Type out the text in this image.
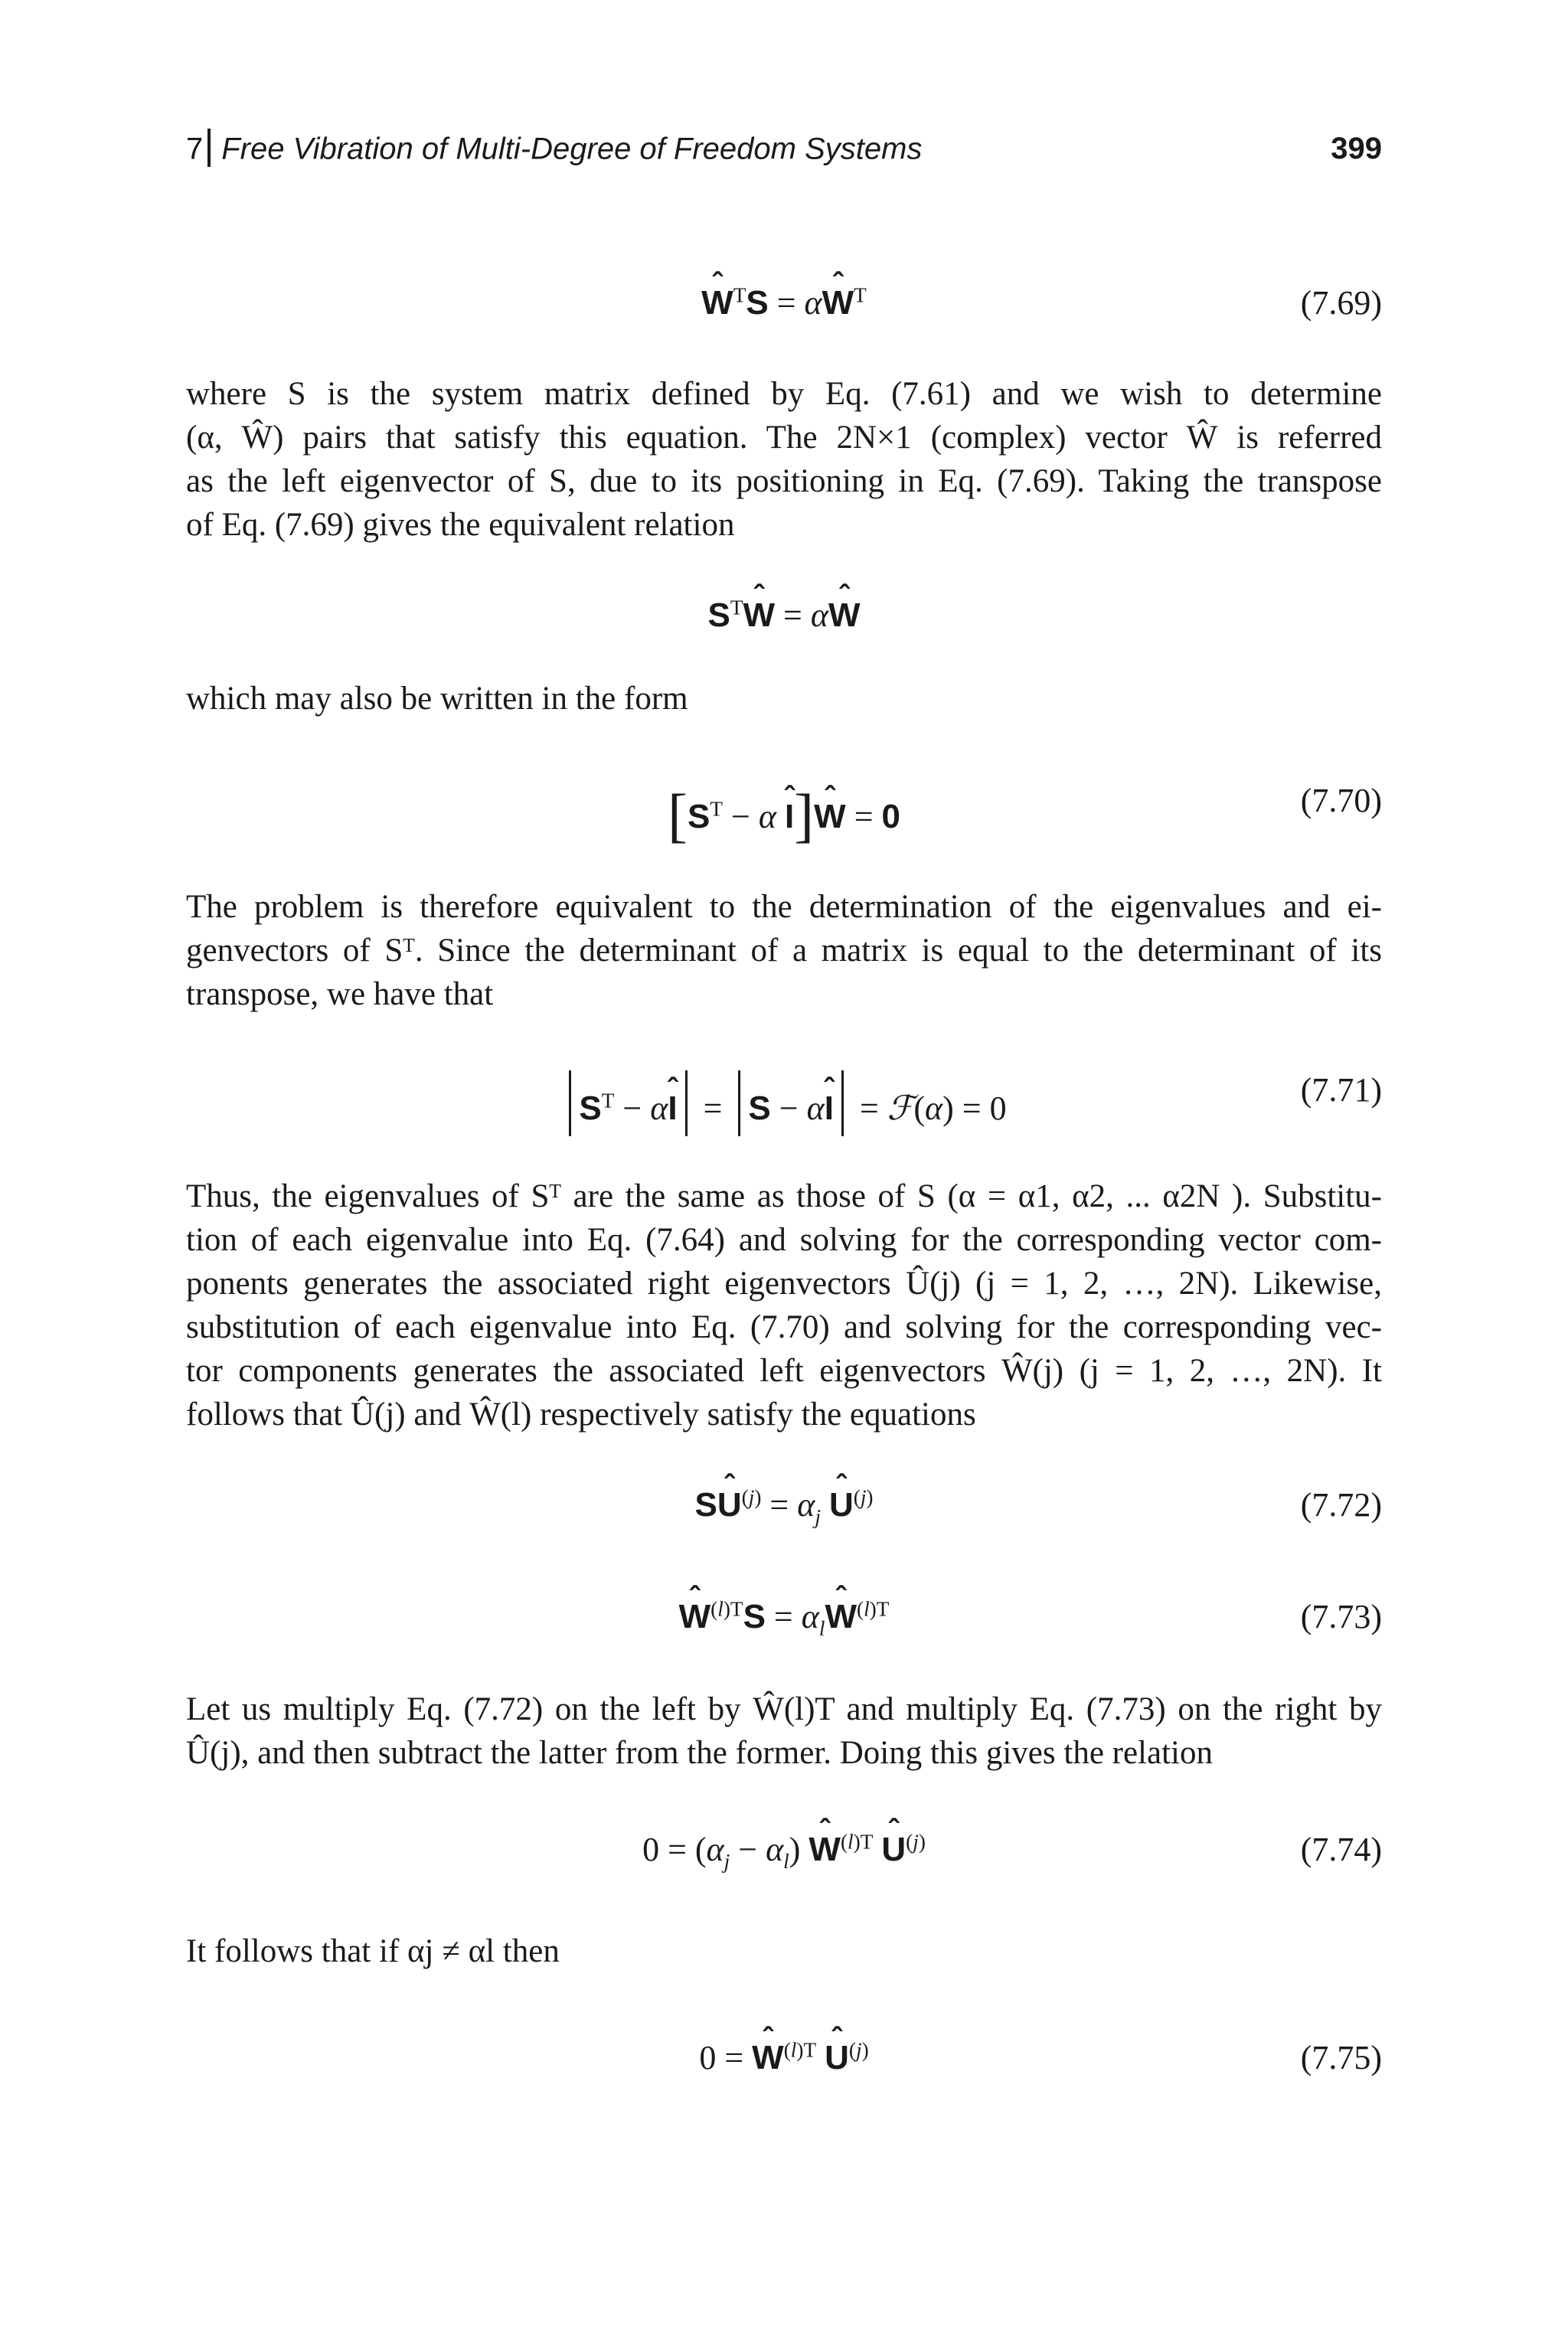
7 Free Vibration of Multi-Degree of Freedom Systems	399
ˆ $W^TS$ = αˆ $W^T$	(7.69)
where S is the system matrix defined by Eq. (7.61) and we wish to determine
(α, Ŵ) pairs that satisfy this equation. The 2N×1 (complex) vector Ŵ is referred
as the left eigenvector of S, due to its positioning in Eq. (7.69). Taking the transpose
of Eq. (7.69) gives the equivalent relation
$S^Tˆ$ W = αˆ W
which may also be written in the form
[$S^T - \alpha$ ˆ I]ˆ W = 0	(7.70)
The problem is therefore equivalent to the determination of the eigenvalues and ei-
genvectors of Sᵀ. Since the determinant of a matrix is equal to the determinant of its
transpose, we have that
$S^T$ − αˆ I = S − αˆ I = ℱ(α) = 0	(7.71)
Thus, the eigenvalues of Sᵀ are the same as those of S (α = α1, α2, ... α2N ). Substitu-
tion of each eigenvalue into Eq. (7.64) and solving for the corresponding vector com-
ponents generates the associated right eigenvectors Û(j) (j = 1, 2, …, 2N). Likewise,
substitution of each eigenvalue into Eq. (7.70) and solving for the corresponding vec-
tor components generates the associated left eigenvectors Ŵ(j) (j = 1, 2, …, 2N). It
follows that Û(j) and Ŵ(l) respectively satisfy the equations
Sˆ $U^{(j)} = \alpha_j$ ˆ $U^{(j)}$	(7.72)
ˆ $W^{(l)T}S$ = $\alpha_lˆ$ $W^{(l)T}$	(7.73)
Let us multiply Eq. (7.72) on the left by Ŵ(l)T and multiply Eq. (7.73) on the right by
Û(j), and then subtract the latter from the former. Doing this gives the relation
$0 = (\alpha_j - \alpha_l)$ ˆ $W^{(l)T}$ ˆ $U^{(j)}$	(7.74)
It follows that if αj ≠ αl then
0 = ˆ $W^{(l)T}$ ˆ $U^{(j)}$	(7.75)
